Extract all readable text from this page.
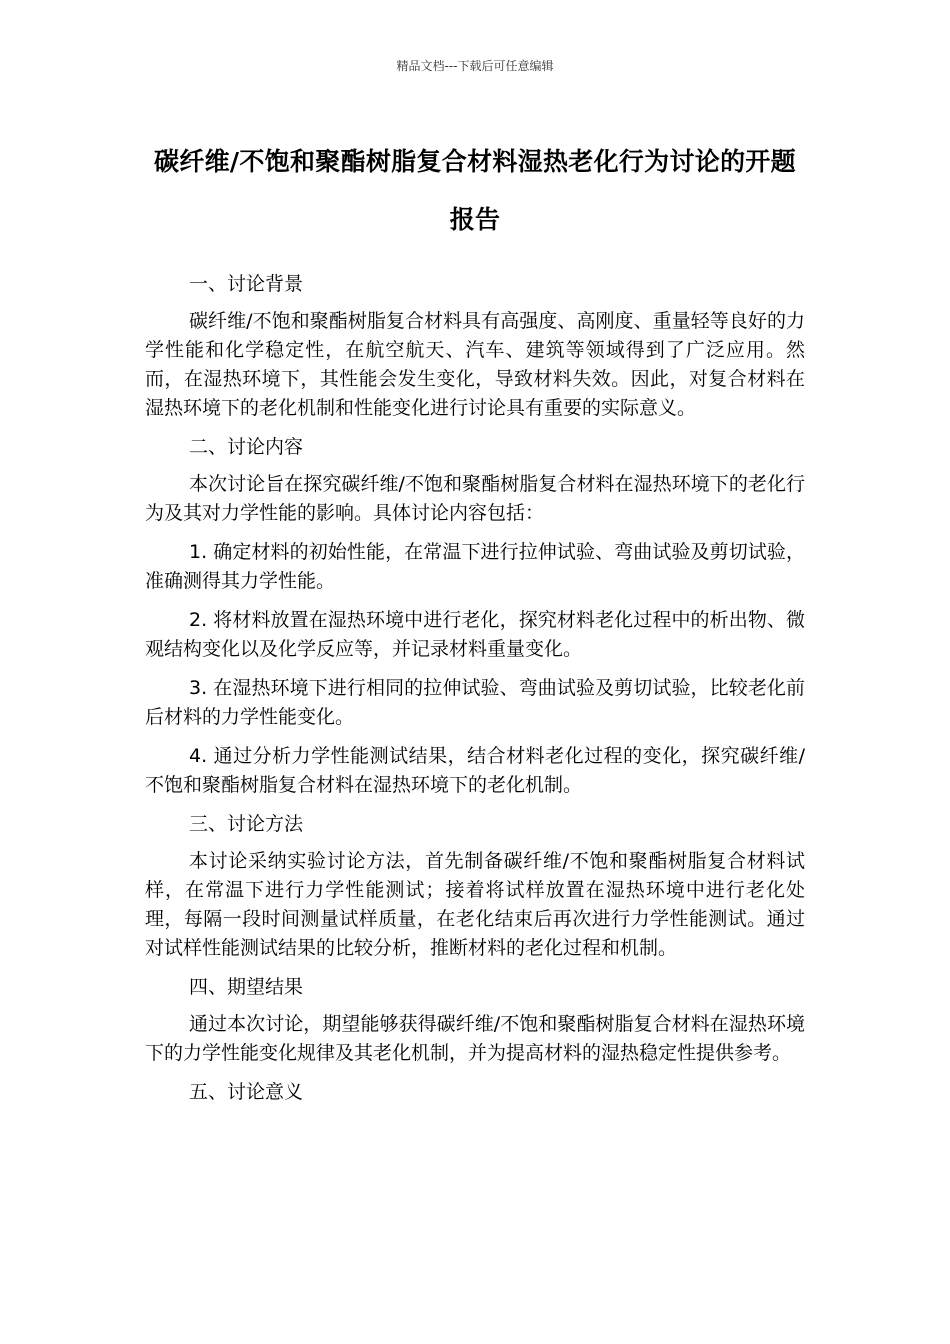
精品文档---下载后可任意编辑
碳纤维/不饱和聚酯树脂复合材料湿热老化行为讨论的开题报告

一、讨论背景

碳纤维/不饱和聚酯树脂复合材料具有高强度、高刚度、重量轻等良好的力学性能和化学稳定性，在航空航天、汽车、建筑等领域得到了广泛应用。然而，在湿热环境下，其性能会发生变化，导致材料失效。因此，对复合材料在湿热环境下的老化机制和性能变化进行讨论具有重要的实际意义。

二、讨论内容

本次讨论旨在探究碳纤维/不饱和聚酯树脂复合材料在湿热环境下的老化行为及其对力学性能的影响。具体讨论内容包括：

1. 确定材料的初始性能，在常温下进行拉伸试验、弯曲试验及剪切试验，准确测得其力学性能。

2. 将材料放置在湿热环境中进行老化，探究材料老化过程中的析出物、微观结构变化以及化学反应等，并记录材料重量变化。

3. 在湿热环境下进行相同的拉伸试验、弯曲试验及剪切试验，比较老化前后材料的力学性能变化。

4. 通过分析力学性能测试结果，结合材料老化过程的变化，探究碳纤维/不饱和聚酯树脂复合材料在湿热环境下的老化机制。

三、讨论方法

本讨论采纳实验讨论方法，首先制备碳纤维/不饱和聚酯树脂复合材料试样，在常温下进行力学性能测试；接着将试样放置在湿热环境中进行老化处理，每隔一段时间测量试样质量，在老化结束后再次进行力学性能测试。通过对试样性能测试结果的比较分析，推断材料的老化过程和机制。

四、期望结果

通过本次讨论，期望能够获得碳纤维/不饱和聚酯树脂复合材料在湿热环境下的力学性能变化规律及其老化机制，并为提高材料的湿热稳定性提供参考。

五、讨论意义
